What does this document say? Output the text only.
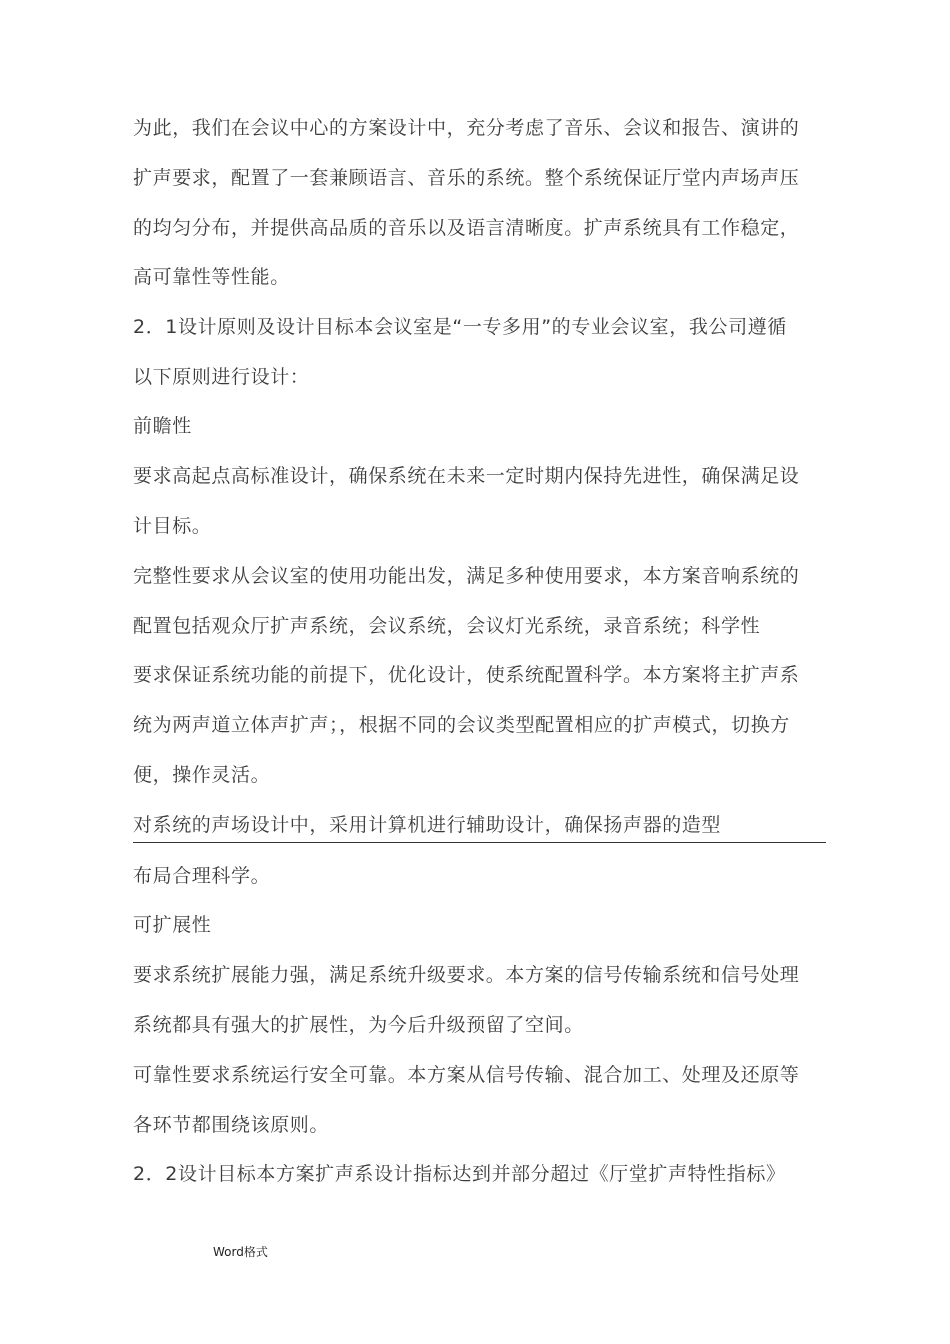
为此，我们在会议中心的方案设计中，充分考虑了音乐、会议和报告、演讲的
扩声要求，配置了一套兼顾语言、音乐的系统。整个系统保证厅堂内声场声压
的均匀分布，并提供高品质的音乐以及语言清晰度。扩声系统具有工作稳定，
高可靠性等性能。
2．1设计原则及设计目标本会议室是“一专多用”的专业会议室，我公司遵循
以下原则进行设计：
前瞻性
要求高起点高标准设计，确保系统在未来一定时期内保持先进性，确保满足设
计目标。
完整性要求从会议室的使用功能出发，满足多种使用要求，本方案音响系统的
配置包括观众厅扩声系统，会议系统，会议灯光系统，录音系统；科学性
要求保证系统功能的前提下，优化设计，使系统配置科学。本方案将主扩声系
统为两声道立体声扩声；，根据不同的会议类型配置相应的扩声模式，切换方
便，操作灵活。
对系统的声场设计中，采用计算机进行辅助设计，确保扬声器的造型
布局合理科学。
可扩展性
要求系统扩展能力强，满足系统升级要求。本方案的信号传输系统和信号处理
系统都具有强大的扩展性，为今后升级预留了空间。
可靠性要求系统运行安全可靠。本方案从信号传输、混合加工、处理及还原等
各环节都围绕该原则。
2．2设计目标本方案扩声系设计指标达到并部分超过《厅堂扩声特性指标》
Word格式
